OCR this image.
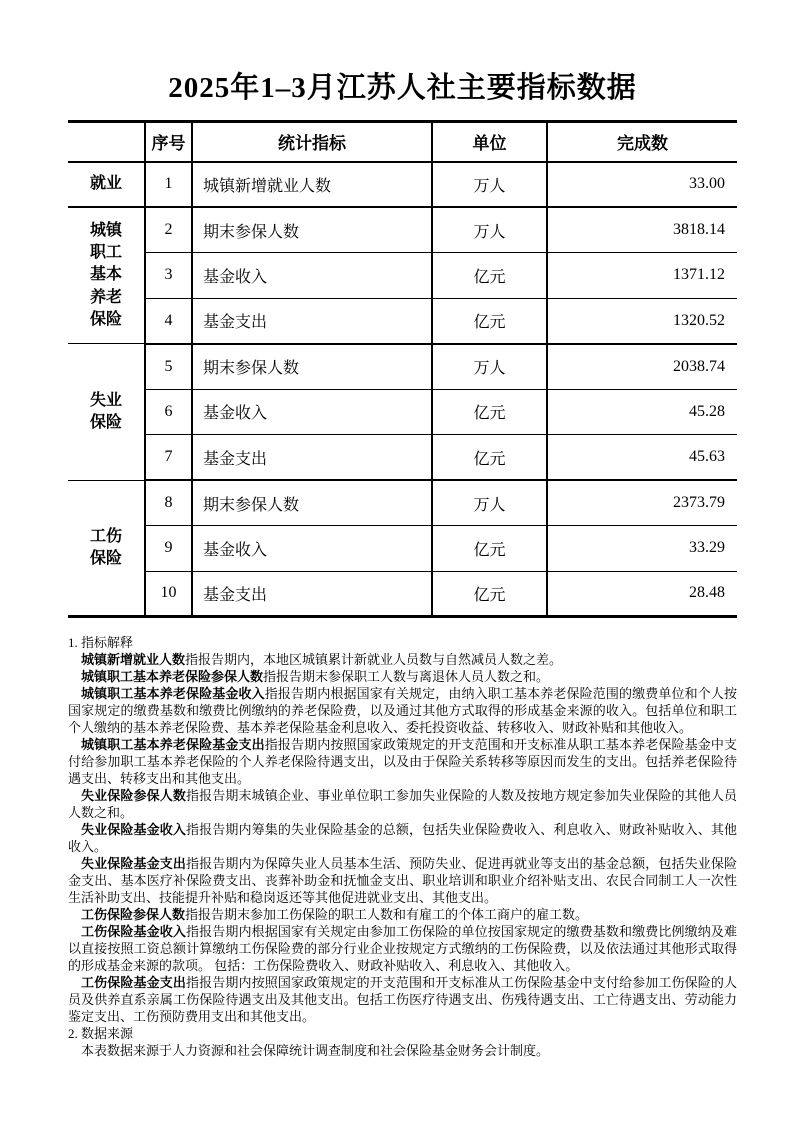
2025年1–3月江苏人社主要指标数据
	序号	统计指标	单位	完成数

就业	1	城镇新增就业人数	万人	33.00

城镇职工基本养老保险	2	期末参保人数	万人	3818.14
	3	基金收入	亿元	1371.12
	4	基金支出	亿元	1320.52

失业保险	5	期末参保人数	万人	2038.74
	6	基金收入	亿元	45.28
	7	基金支出	亿元	45.63

工伤保险	8	期末参保人数	万人	2373.79
	9	基金收入	亿元	33.29
	10	基金支出	亿元	28.48
1. 指标解释

城镇新增就业人数指报告期内，本地区城镇累计新就业人员数与自然减员人数之差。

城镇职工基本养老保险参保人数指报告期末参保职工人数与离退休人员人数之和。

城镇职工基本养老保险基金收入指报告期内根据国家有关规定，由纳入职工基本养老保险范围的缴费单位和个人按国家规定的缴费基数和缴费比例缴纳的养老保险费，以及通过其他方式取得的形成基金来源的收入。包括单位和职工个人缴纳的基本养老保险费、基本养老保险基金利息收入、委托投资收益、转移收入、财政补贴和其他收入。

城镇职工基本养老保险基金支出指报告期内按照国家政策规定的开支范围和开支标准从职工基本养老保险基金中支付给参加职工基本养老保险的个人养老保险待遇支出，以及由于保险关系转移等原因而发生的支出。包括养老保险待遇支出、转移支出和其他支出。

失业保险参保人数指报告期末城镇企业、事业单位职工参加失业保险的人数及按地方规定参加失业保险的其他人员人数之和。

失业保险基金收入指报告期内筹集的失业保险基金的总额，包括失业保险费收入、利息收入、财政补贴收入、其他收入。

失业保险基金支出指报告期内为保障失业人员基本生活、预防失业、促进再就业等支出的基金总额，包括失业保险金支出、基本医疗补保险费支出、丧葬补助金和抚恤金支出、职业培训和职业介绍补贴支出、农民合同制工人一次性生活补助支出、技能提升补贴和稳岗返还等其他促进就业支出、其他支出。

工伤保险参保人数指报告期末参加工伤保险的职工人数和有雇工的个体工商户的雇工数。

工伤保险基金收入指报告期内根据国家有关规定由参加工伤保险的单位按国家规定的缴费基数和缴费比例缴纳及难以直接按照工资总额计算缴纳工伤保险费的部分行业企业按规定方式缴纳的工伤保险费，以及依法通过其他形式取得的形成基金来源的款项。 包括：工伤保险费收入、财政补贴收入、利息收入、其他收入。

工伤保险基金支出指报告期内按照国家政策规定的开支范围和开支标准从工伤保险基金中支付给参加工伤保险的人员及供养直系亲属工伤保险待遇支出及其他支出。包括工伤医疗待遇支出、伤残待遇支出、工亡待遇支出、劳动能力鉴定支出、工伤预防费用支出和其他支出。

2. 数据来源

本表数据来源于人力资源和社会保障统计调查制度和社会保险基金财务会计制度。
